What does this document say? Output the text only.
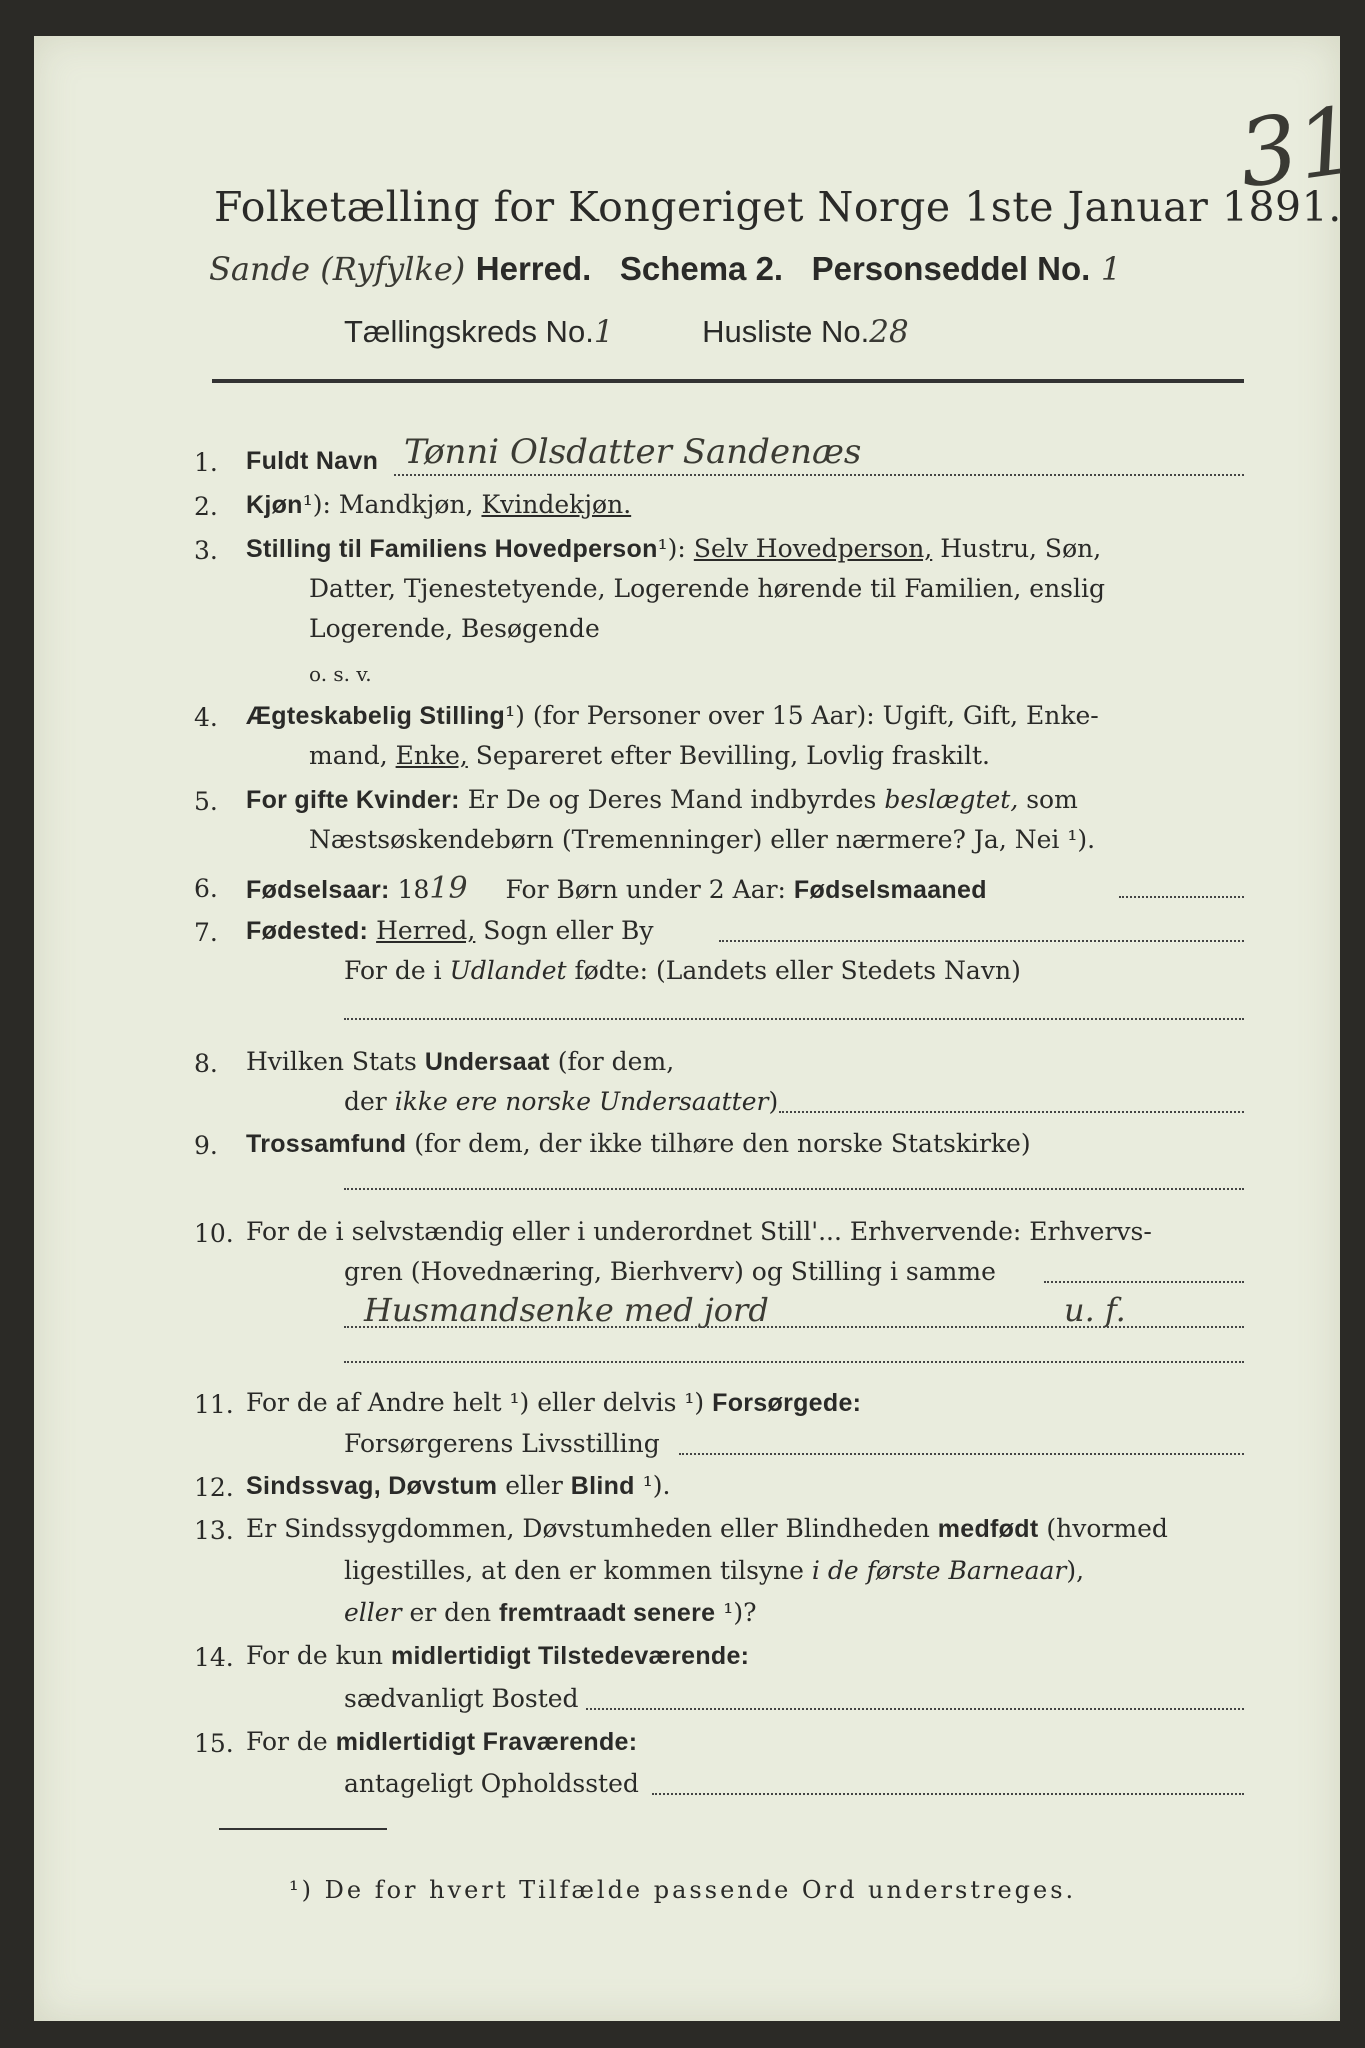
31
Folketælling for Kongeriget Norge 1ste Januar 1891.
Sande (Ryfylke) Herred. Schema 2. Personseddel No. 1
Tællingskreds No.1	Husliste No.28
1. Fuldt Navn Tønni Olsdatter Sandenæs
2. Kjøn¹): Mandkjøn, Kvindekjøn.
3. Stilling til Familiens Hovedperson¹): Selv Hovedperson, Hustru, Søn,
Datter, Tjenestetyende, Logerende hørende til Familien, enslig
Logerende, Besøgende
o. s. v.
4. Ægteskabelig Stilling¹) (for Personer over 15 Aar): Ugift, Gift, Enke-
mand, Enke, Separeret efter Bevilling, Lovlig fraskilt.
5. For gifte Kvinder: Er De og Deres Mand indbyrdes beslægtet, som
Næstsøskendebørn (Tremenninger) eller nærmere? Ja, Nei ¹).
6. Fødselsaar: 1819 For Børn under 2 Aar: Fødselsmaaned
7. Fødested: Herred, Sogn eller By
For de i Udlandet fødte: (Landets eller Stedets Navn)
8. Hvilken Stats Undersaat (for dem,
der ikke ere norske Undersaatter)
9. Trossamfund (for dem, der ikke tilhøre den norske Statskirke)
10. For de i selvstændig eller i underordnet Still'... Erhvervende: Erhvervs-
gren (Hovednæring, Bierhverv) og Stilling i samme
Husmandsenke med jord	u. f.
11. For de af Andre helt ¹) eller delvis ¹) Forsørgede:
Forsørgerens Livsstilling
12. Sindssvag, Døvstum eller Blind ¹).
13. Er Sindssygdommen, Døvstumheden eller Blindheden medfødt (hvormed
ligestilles, at den er kommen tilsyne i de første Barneaar),
eller er den fremtraadt senere ¹)?
14. For de kun midlertidigt Tilstedeværende:
sædvanligt Bosted
15. For de midlertidigt Fraværende:
antageligt Opholdssted
¹) De for hvert Tilfælde passende Ord understreges.
